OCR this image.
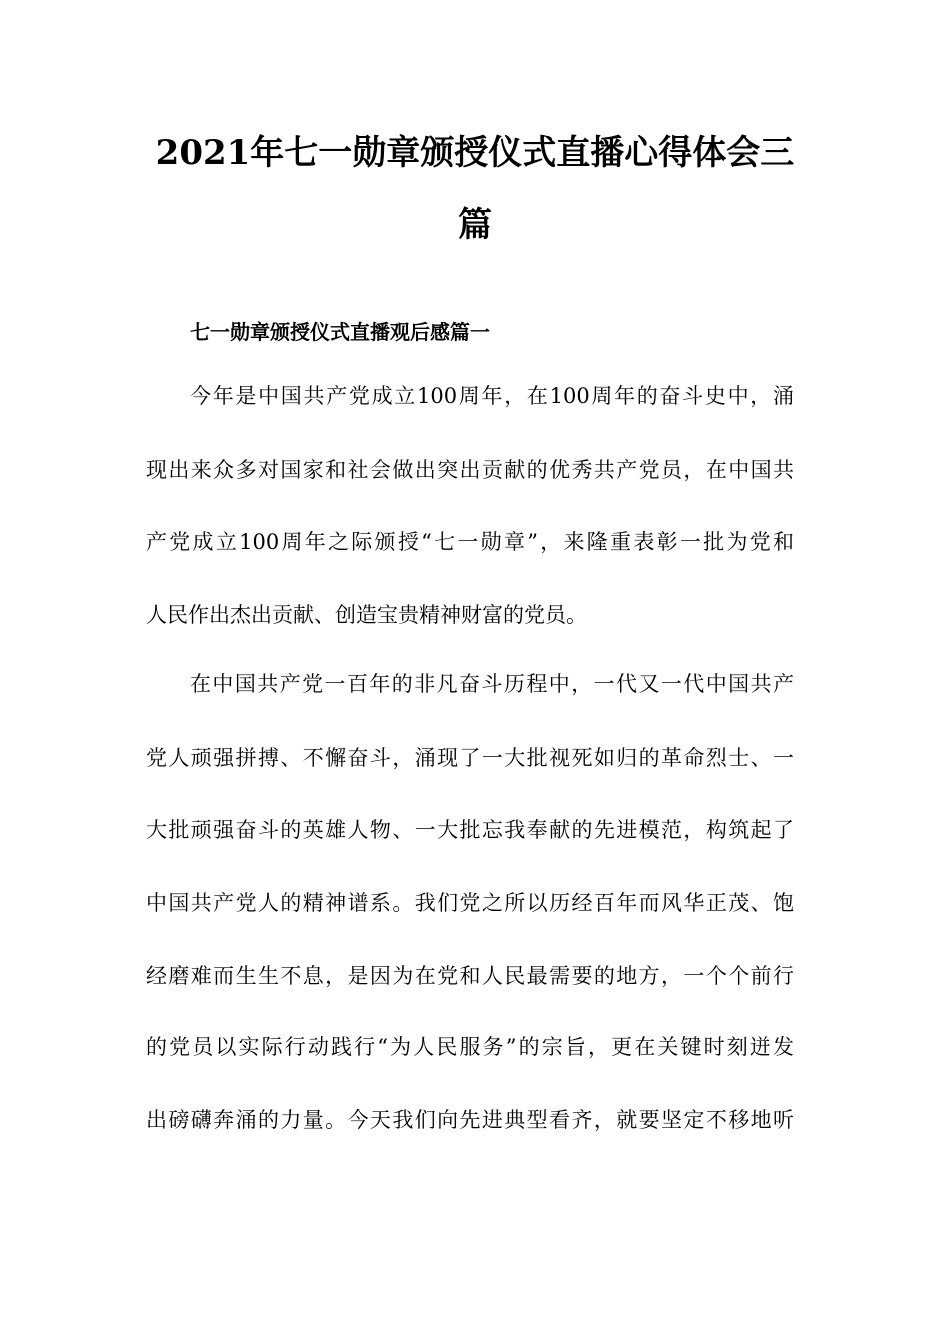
2021年七一勋章颁授仪式直播心得体会三
篇
七一勋章颁授仪式直播观后感篇一

今年是中国共产党成立100周年，在100周年的奋斗史中，涌

现出来众多对国家和社会做出突出贡献的优秀共产党员，在中国共

产党成立100周年之际颁授“七一勋章”，来隆重表彰一批为党和

人民作出杰出贡献、创造宝贵精神财富的党员。

在中国共产党一百年的非凡奋斗历程中，一代又一代中国共产

党人顽强拼搏、不懈奋斗，涌现了一大批视死如归的革命烈士、一

大批顽强奋斗的英雄人物、一大批忘我奉献的先进模范，构筑起了

中国共产党人的精神谱系。我们党之所以历经百年而风华正茂、饱

经磨难而生生不息，是因为在党和人民最需要的地方，一个个前行

的党员以实际行动践行“为人民服务”的宗旨，更在关键时刻迸发

出磅礴奔涌的力量。今天我们向先进典型看齐，就要坚定不移地听
